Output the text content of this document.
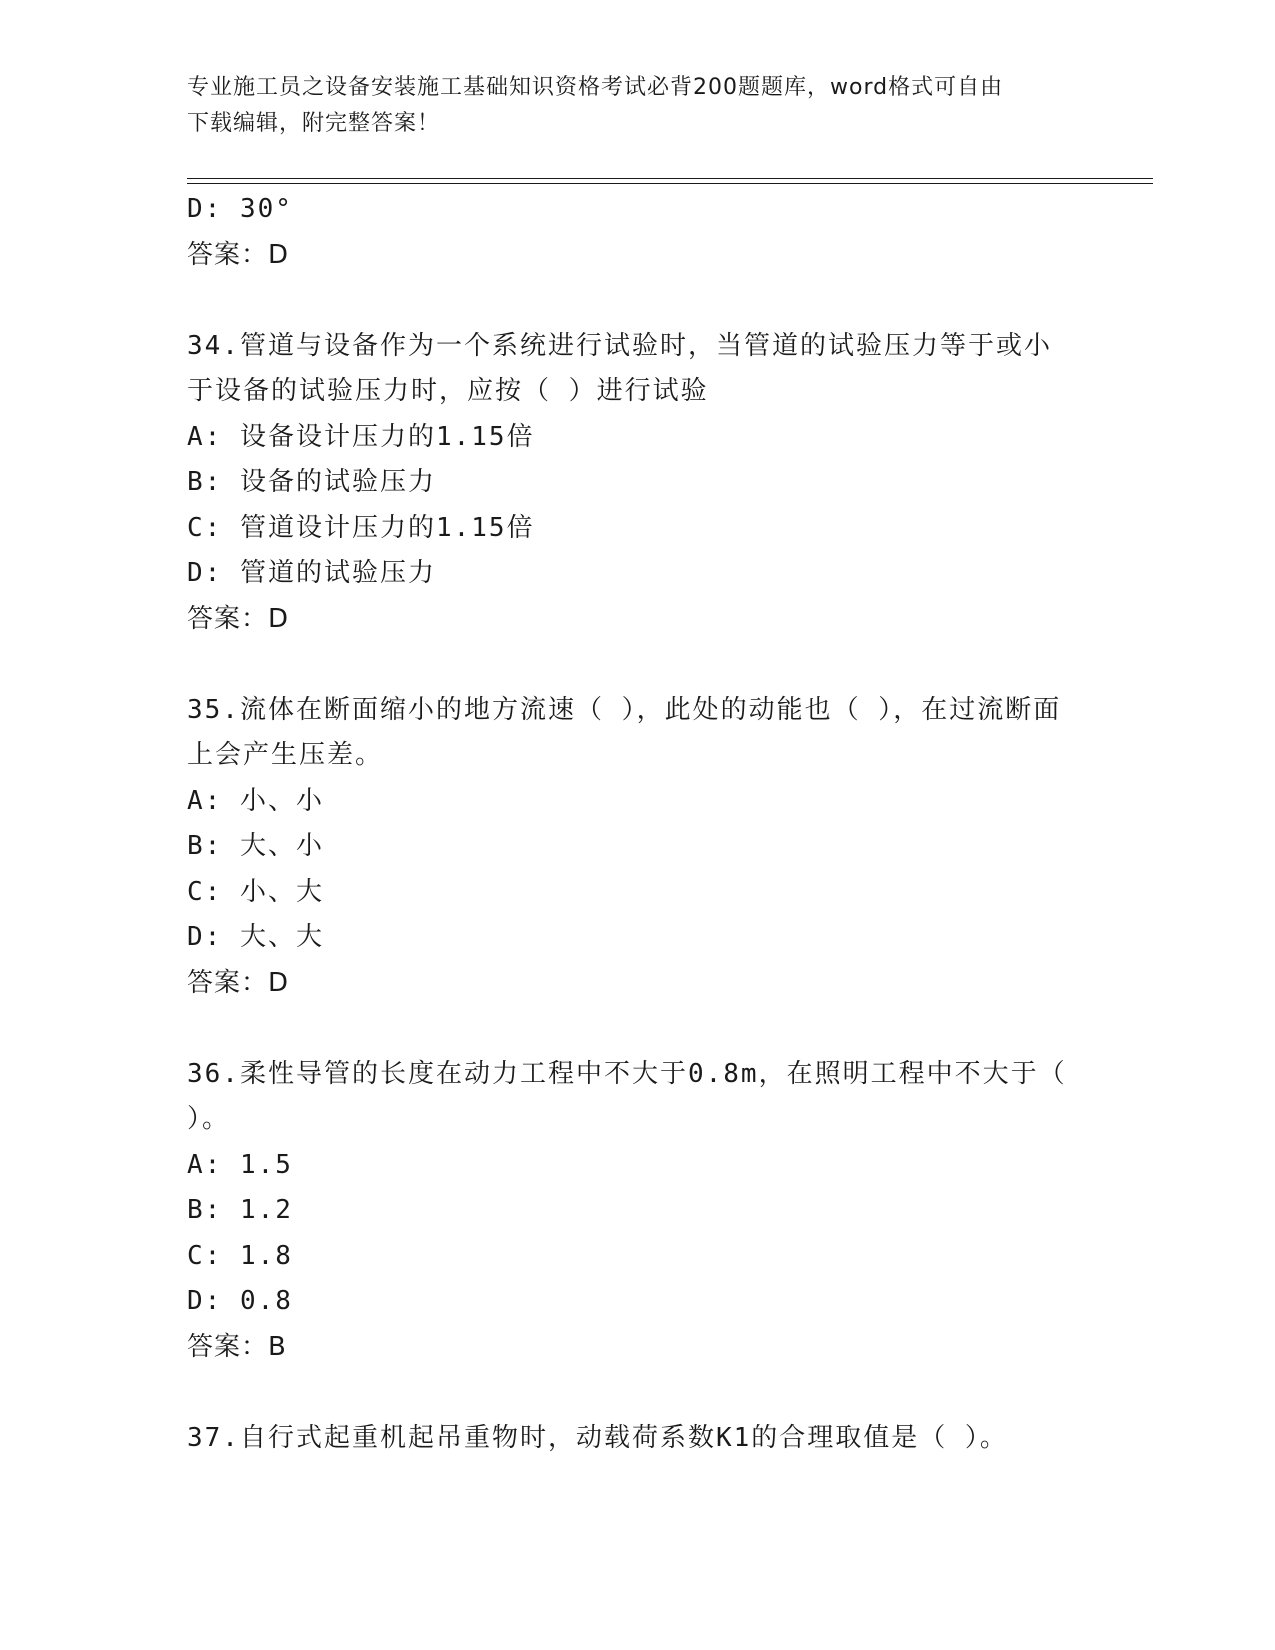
专业施工员之设备安装施工基础知识资格考试必背200题题库，word格式可自由
下载编辑，附完整答案！
D: 30°
答案：D
34.管道与设备作为一个系统进行试验时，当管道的试验压力等于或小于设备的试验压力时，应按（ ）进行试验
A: 设备设计压力的1.15倍
B: 设备的试验压力
C: 管道设计压力的1.15倍
D: 管道的试验压力
答案：D
35.流体在断面缩小的地方流速（ ），此处的动能也（ ），在过流断面上会产生压差。
A: 小、小
B: 大、小
C: 小、大
D: 大、大
答案：D
36.柔性导管的长度在动力工程中不大于0.8m，在照明工程中不大于（ ）。
A: 1.5
B: 1.2
C: 1.8
D: 0.8
答案：B
37.自行式起重机起吊重物时，动载荷系数K1的合理取值是（ ）。
